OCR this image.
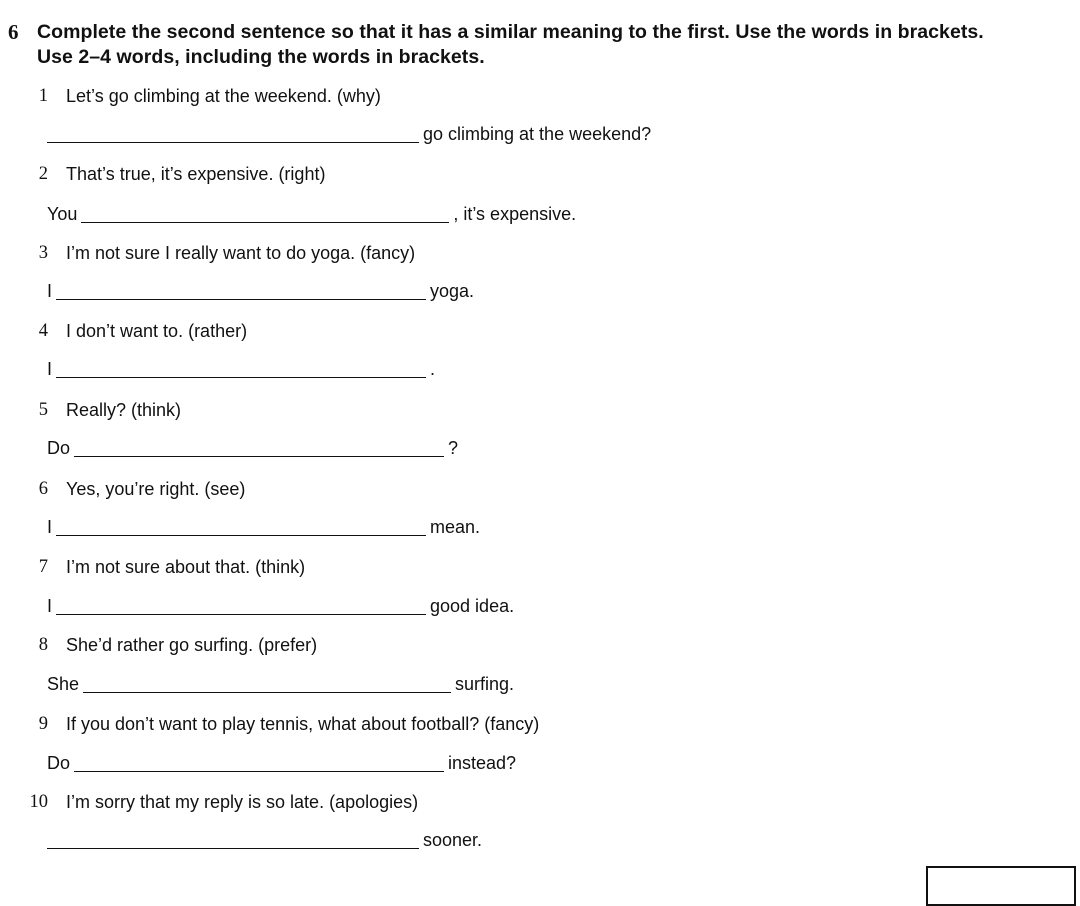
6 Complete the second sentence so that it has a similar meaning to the first. Use the words in brackets.
Use 2–4 words, including the words in brackets.
1 Let’s go climbing at the weekend. (why)
go climbing at the weekend?
2 That’s true, it’s expensive. (right)
You	, it’s expensive.
3 I’m not sure I really want to do yoga. (fancy)
I	yoga.
4 I don’t want to. (rather)
I	.
5 Really? (think)
Do	?
6 Yes, you’re right. (see)
I	mean.
7 I’m not sure about that. (think)
I	good idea.
8 She’d rather go surfing. (prefer)
She	surfing.
9 If you don’t want to play tennis, what about football? (fancy)
Do	instead?
10 I’m sorry that my reply is so late. (apologies)
sooner.
